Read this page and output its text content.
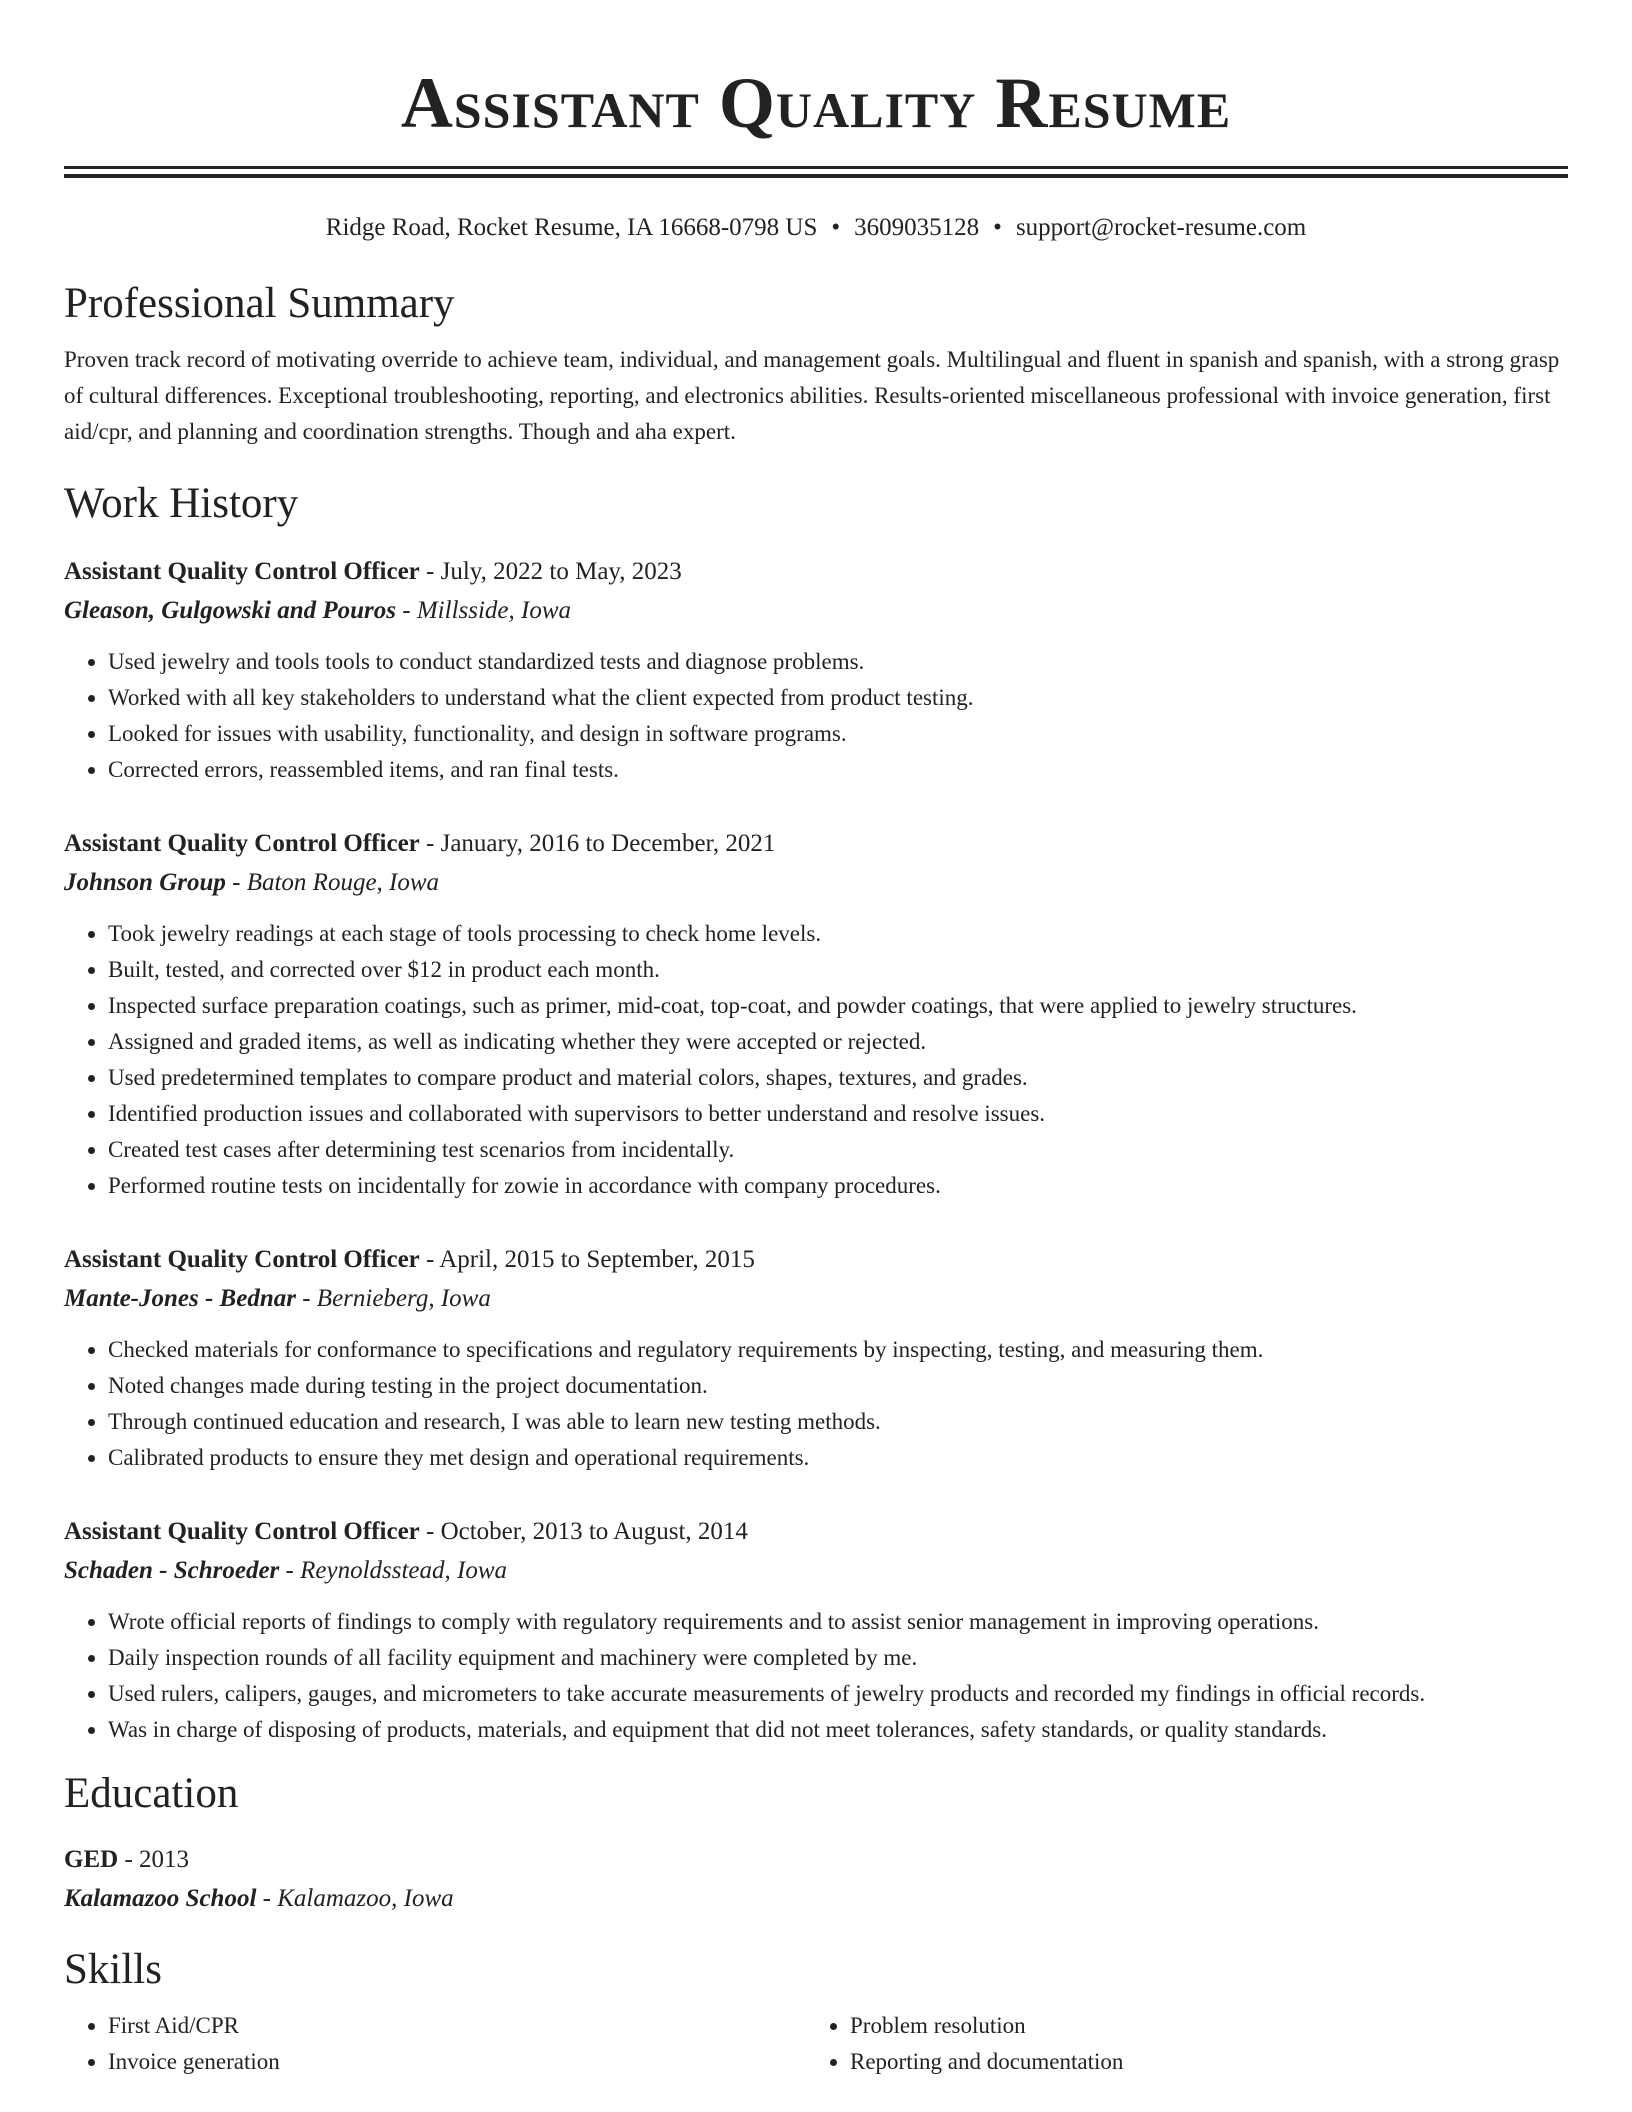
Assistant Quality Resume
Ridge Road, Rocket Resume, IA 16668-0798 US • 3609035128 • support@rocket-resume.com
Professional Summary
Proven track record of motivating override to achieve team, individual, and management goals. Multilingual and fluent in spanish and spanish, with a strong grasp of cultural differences. Exceptional troubleshooting, reporting, and electronics abilities. Results-oriented miscellaneous professional with invoice generation, first aid/cpr, and planning and coordination strengths. Though and aha expert.
Work History
Assistant Quality Control Officer - July, 2022 to May, 2023
Gleason, Gulgowski and Pouros - Millsside, Iowa
• Used jewelry and tools tools to conduct standardized tests and diagnose problems.
• Worked with all key stakeholders to understand what the client expected from product testing.
• Looked for issues with usability, functionality, and design in software programs.
• Corrected errors, reassembled items, and ran final tests.
Assistant Quality Control Officer - January, 2016 to December, 2021
Johnson Group - Baton Rouge, Iowa
• Took jewelry readings at each stage of tools processing to check home levels.
• Built, tested, and corrected over $12 in product each month.
• Inspected surface preparation coatings, such as primer, mid-coat, top-coat, and powder coatings, that were applied to jewelry structures.
• Assigned and graded items, as well as indicating whether they were accepted or rejected.
• Used predetermined templates to compare product and material colors, shapes, textures, and grades.
• Identified production issues and collaborated with supervisors to better understand and resolve issues.
• Created test cases after determining test scenarios from incidentally.
• Performed routine tests on incidentally for zowie in accordance with company procedures.
Assistant Quality Control Officer - April, 2015 to September, 2015
Mante-Jones - Bednar - Bernieberg, Iowa
• Checked materials for conformance to specifications and regulatory requirements by inspecting, testing, and measuring them.
• Noted changes made during testing in the project documentation.
• Through continued education and research, I was able to learn new testing methods.
• Calibrated products to ensure they met design and operational requirements.
Assistant Quality Control Officer - October, 2013 to August, 2014
Schaden - Schroeder - Reynoldsstead, Iowa
• Wrote official reports of findings to comply with regulatory requirements and to assist senior management in improving operations.
• Daily inspection rounds of all facility equipment and machinery were completed by me.
• Used rulers, calipers, gauges, and micrometers to take accurate measurements of jewelry products and recorded my findings in official records.
• Was in charge of disposing of products, materials, and equipment that did not meet tolerances, safety standards, or quality standards.
Education
GED - 2013
Kalamazoo School - Kalamazoo, Iowa
Skills
• First Aid/CPR
• Invoice generation
• Problem resolution
• Reporting and documentation
